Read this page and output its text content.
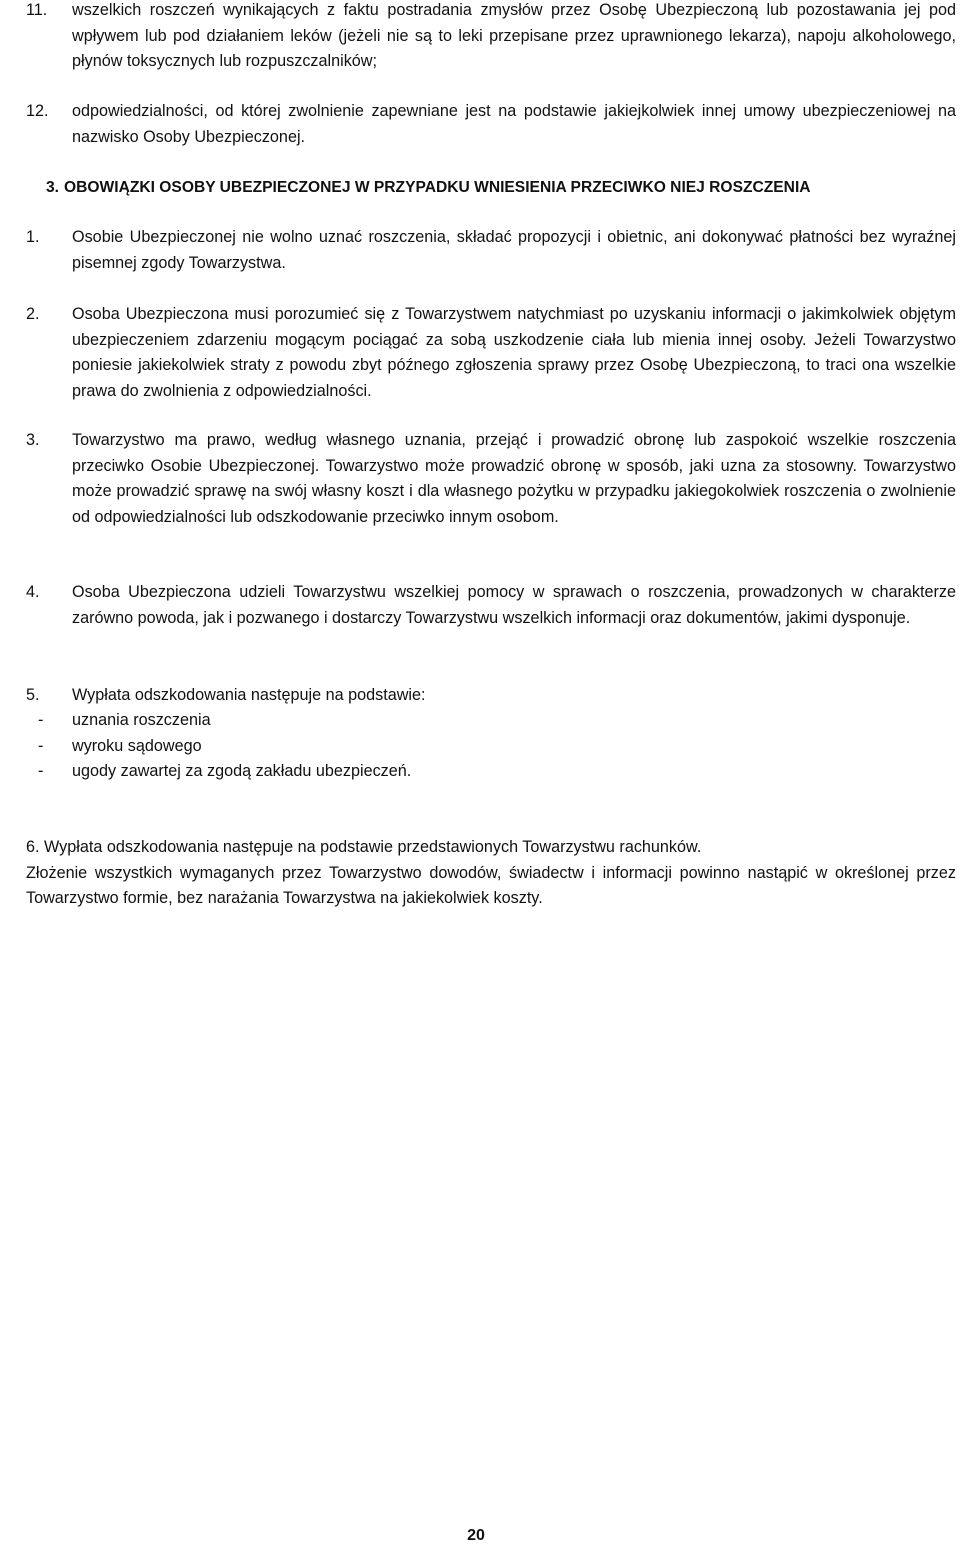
11. wszelkich roszczeń wynikających z faktu postradania zmysłów przez Osobę Ubezpieczoną lub pozostawania jej pod wpływem lub pod działaniem leków (jeżeli nie są to leki przepisane przez uprawnionego lekarza), napoju alkoholowego, płynów toksycznych lub rozpuszczalników;
12. odpowiedzialności, od której zwolnienie zapewniane jest na podstawie jakiejkolwiek innej umowy ubezpieczeniowej na nazwisko Osoby Ubezpieczonej.
3. OBOWIĄZKI OSOBY UBEZPIECZONEJ W PRZYPADKU WNIESIENIA PRZECIWKO NIEJ ROSZCZENIA
1. Osobie Ubezpieczonej nie wolno uznać roszczenia, składać propozycji i obietnic, ani dokonywać płatności bez wyraźnej pisemnej zgody Towarzystwa.
2. Osoba Ubezpieczona musi porozumieć się z Towarzystwem natychmiast po uzyskaniu informacji o jakimkolwiek objętym ubezpieczeniem zdarzeniu mogącym pociągać za sobą uszkodzenie ciała lub mienia innej osoby. Jeżeli Towarzystwo poniesie jakiekolwiek straty z powodu zbyt późnego zgłoszenia sprawy przez Osobę Ubezpieczoną, to traci ona wszelkie prawa do zwolnienia z odpowiedzialności.
3. Towarzystwo ma prawo, według własnego uznania, przejąć i prowadzić obronę lub zaspokoić wszelkie roszczenia przeciwko Osobie Ubezpieczonej. Towarzystwo może prowadzić obronę w sposób, jaki uzna za stosowny. Towarzystwo może prowadzić sprawę na swój własny koszt i dla własnego pożytku w przypadku jakiegokolwiek roszczenia o zwolnienie od odpowiedzialności lub odszkodowanie przeciwko innym osobom.
4. Osoba Ubezpieczona udzieli Towarzystwu wszelkiej pomocy w sprawach o roszczenia, prowadzonych w charakterze zarówno powoda, jak i pozwanego i dostarczy Towarzystwu wszelkich informacji oraz dokumentów, jakimi dysponuje.
5. Wypłata odszkodowania następuje na podstawie:
-	uznania roszczenia
-	wyroku sądowego
-	ugody zawartej za zgodą zakładu ubezpieczeń.
6. Wypłata odszkodowania następuje na podstawie przedstawionych Towarzystwu rachunków.
Złożenie wszystkich wymaganych przez Towarzystwo dowodów, świadectw i informacji powinno nastąpić w określonej przez Towarzystwo formie, bez narażania Towarzystwa na jakiekolwiek koszty.
20
